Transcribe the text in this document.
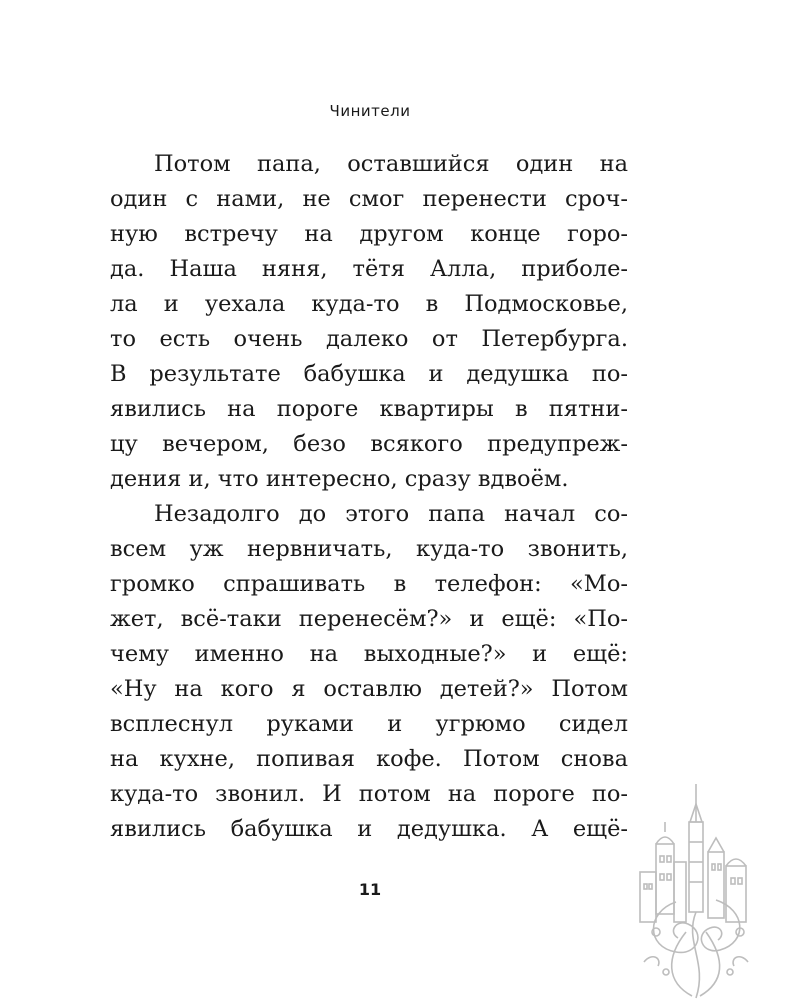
Чинители
Потом папа, оставшийся один на
один с нами, не смог перенести сроч-
ную встречу на другом конце горо-
да. Наша няня, тётя Алла, приболе-
ла и уехала куда-то в Подмосковье,
то есть очень далеко от Петербурга.
В результате бабушка и дедушка по-
явились на пороге квартиры в пятни-
цу вечером, безо всякого предупреж-
дения и, что интересно, сразу вдвоём.
Незадолго до этого папа начал со-
всем уж нервничать, куда-то звонить,
громко спрашивать в телефон: «Мо-
жет, всё-таки перенесём?» и ещё: «По-
чему именно на выходные?» и ещё:
«Ну на кого я оставлю детей?» Потом
всплеснул руками и угрюмо сидел
на кухне, попивая кофе. Потом снова
куда-то звонил. И потом на пороге по-
явились бабушка и дедушка. А ещё-
11
